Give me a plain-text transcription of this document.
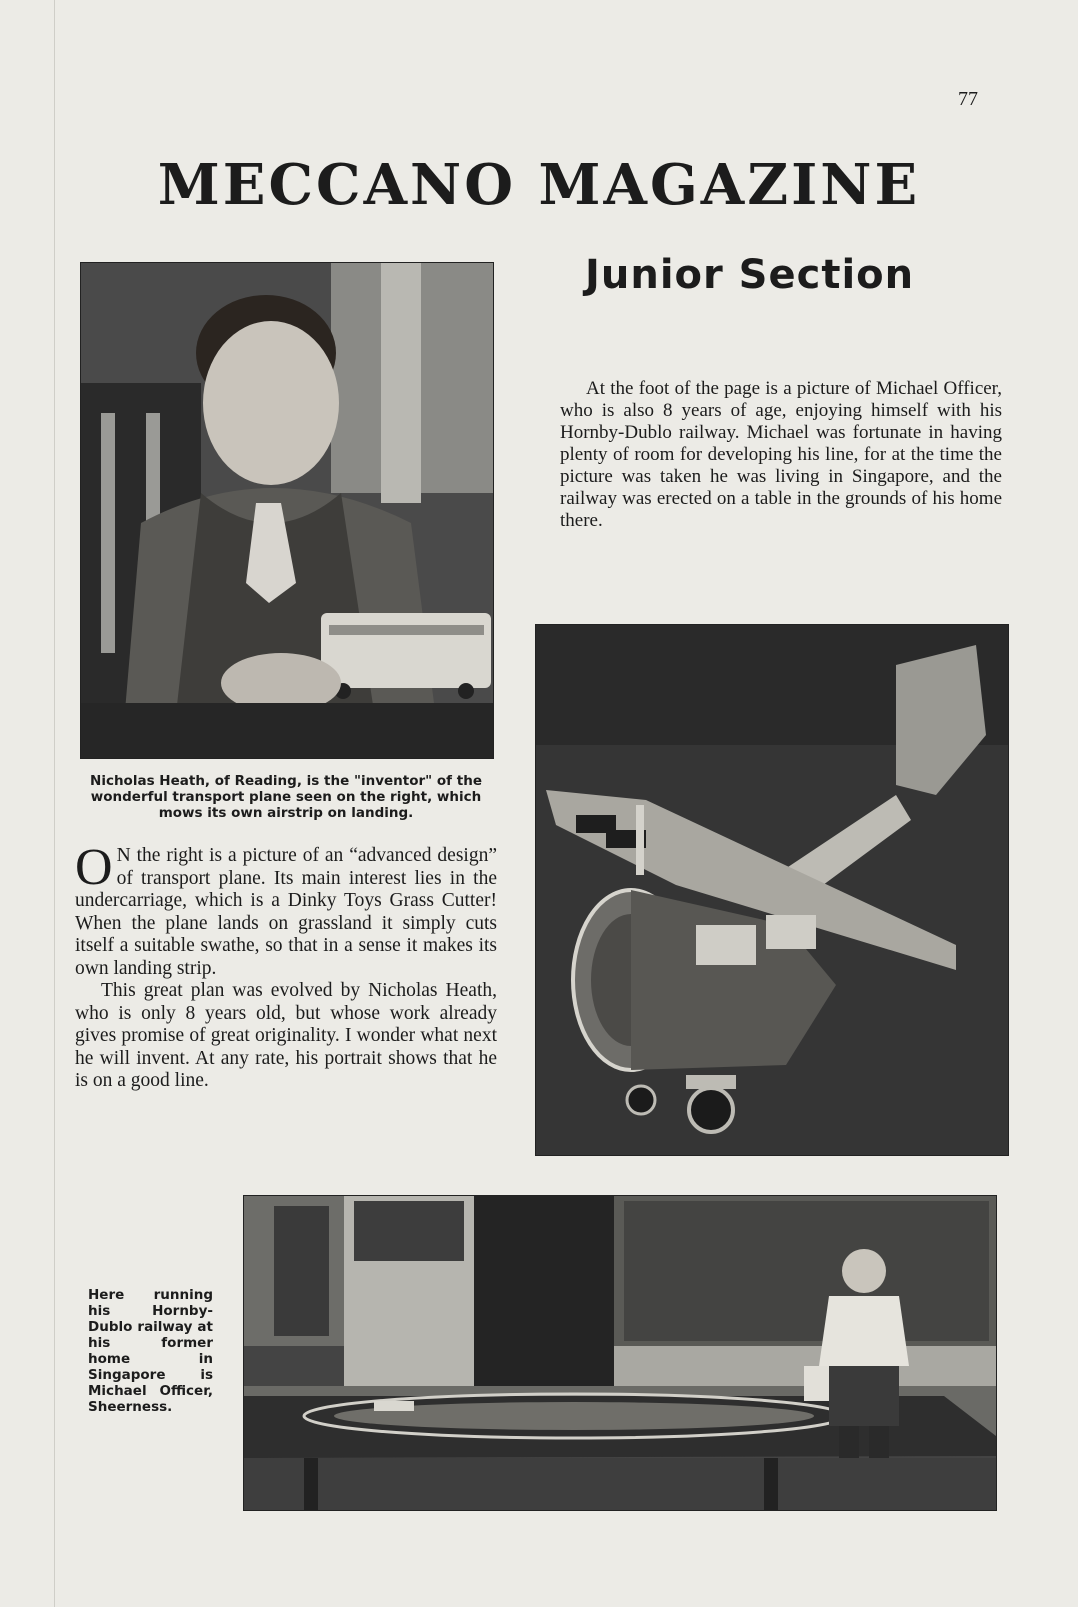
77
MECCANO MAGAZINE
Junior Section
Nicholas Heath, of Reading, is the "inventor" of the wonderful transport plane seen on the right, which mows its own airstrip on landing.

At the foot of the page is a picture of Michael Officer, who is also 8 years of age, enjoying himself with his Hornby-Dublo railway. Michael was fortunate in having plenty of room for developing his line, for at the time the picture was taken he was living in Singapore, and the railway was erected on a table in the grounds of his home there.

O N the right is a picture of an “advanced design” of transport plane. Its main interest lies in the undercarriage, which is a Dinky Toys Grass Cutter! When the plane lands on grassland it simply cuts itself a suitable swathe, so that in a sense it makes its own landing strip.

This great plan was evolved by Nicholas Heath, who is only 8 years old, but whose work already gives promise of great originality. I wonder what next he will invent. At any rate, his portrait shows that he is on a good line.

Here running his Hornby-Dublo railway at his former home in Singapore is Michael Officer, Sheerness.
